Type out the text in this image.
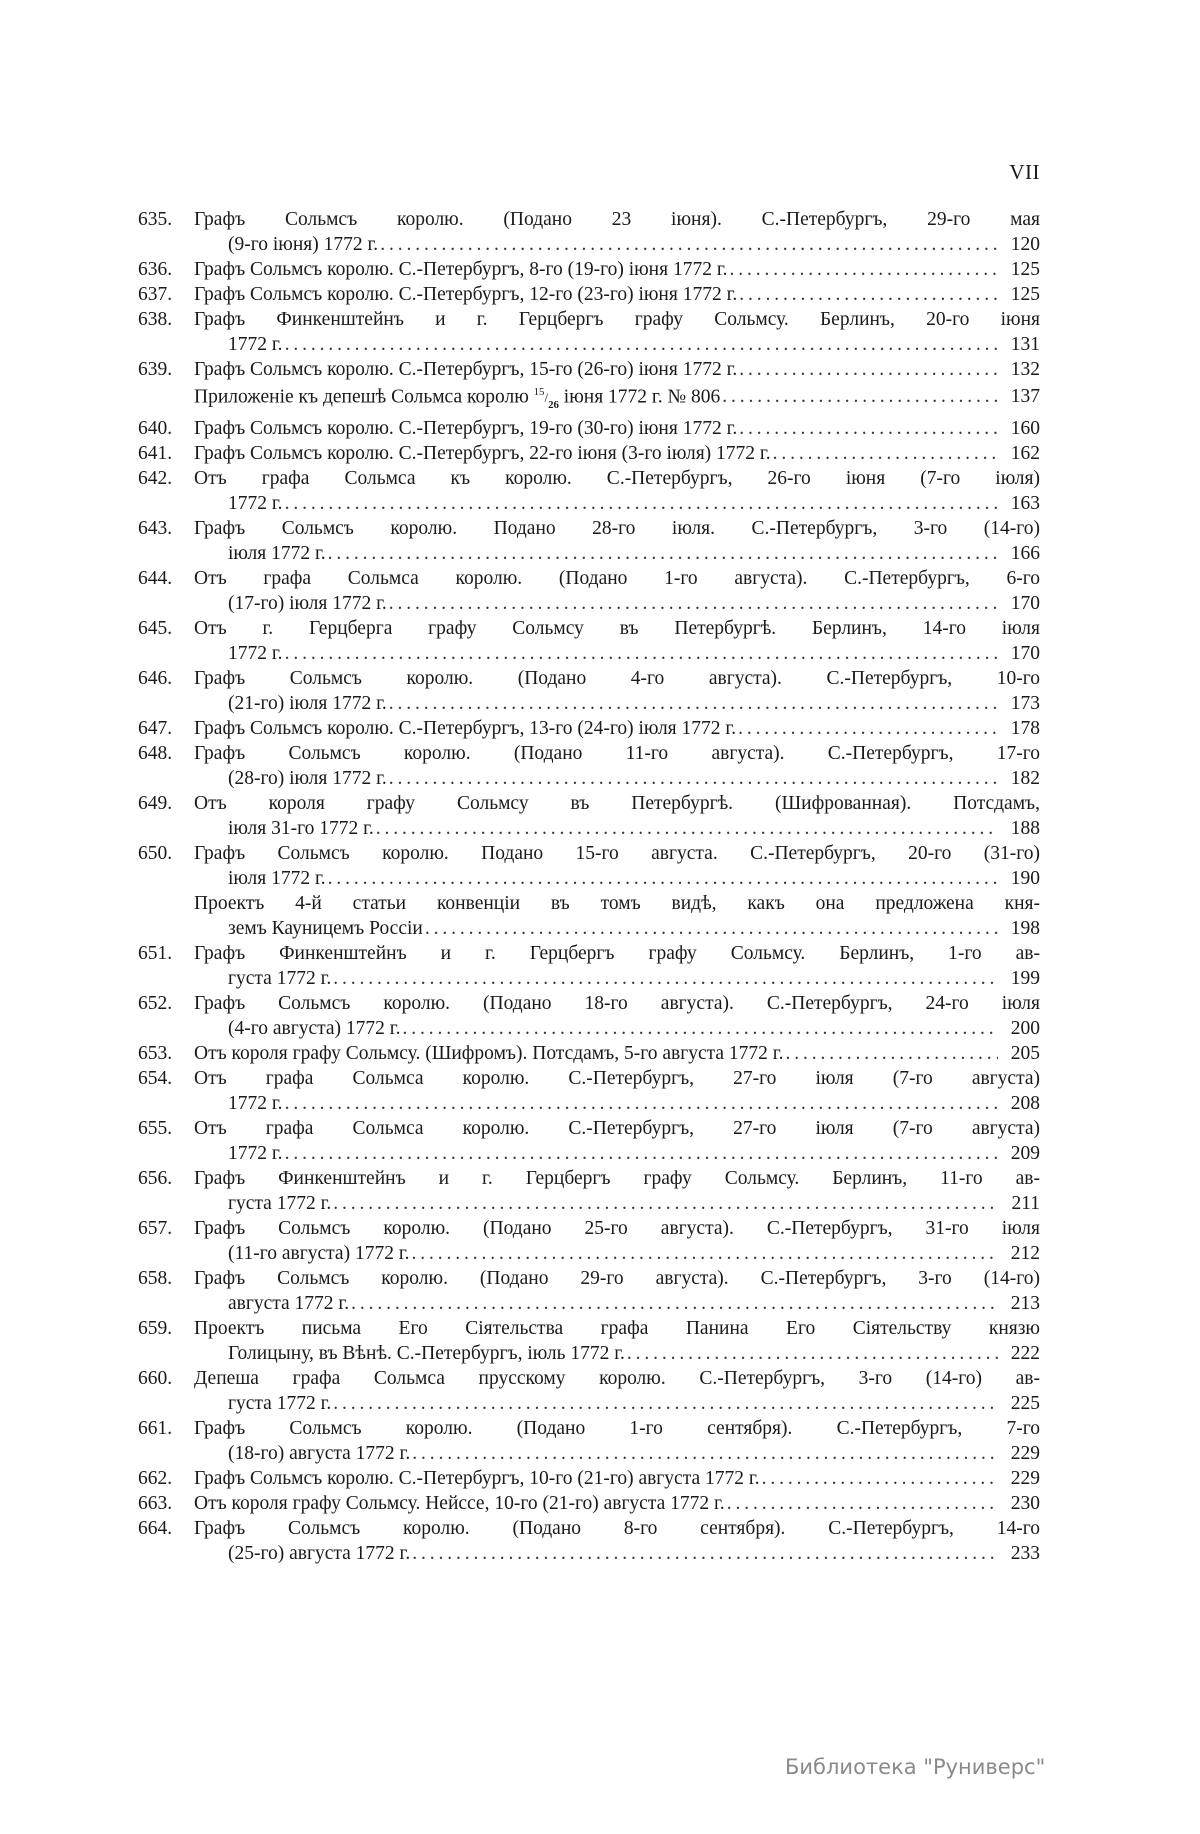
VII
635.	Графъ Сольмсъ королю. (Подано 23 іюня). С.-Петербургъ, 29-го мая
(9-го іюня) 1772 г. . . .	120
636.	Графъ Сольмсъ королю. С.-Петербургъ, 8-го (19-го) іюня 1772 г. . . .	125
637.	Графъ Сольмсъ королю. С.-Петербургъ, 12-го (23-го) іюня 1772 г. . . .	125
638.	Графъ Финкенштейнъ и г. Герцбергъ графу Сольмсу. Берлинъ, 20-го іюня
1772 г. . . .	131
639.	Графъ Сольмсъ королю. С.-Петербургъ, 15-го (26-го) іюня 1772 г. . . .	132
Приложеніе къ депешѣ Сольмса королю $^{15}/_{26}$ іюня 1772 г. № 806 . . .	137
640.	Графъ Сольмсъ королю. С.-Петербургъ, 19-го (30-го) іюня 1772 г. . . .	160
641.	Графъ Сольмсъ королю. С.-Петербургъ, 22-го іюня (3-го іюля) 1772 г. . . .	162
642.	Отъ графа Сольмса къ королю. С.-Петербургъ, 26-го іюня (7-го іюля)
1772 г. . . .	163
643.	Графъ Сольмсъ королю. Подано 28-го іюля. С.-Петербургъ, 3-го (14-го)
іюля 1772 г. . . .	166
644.	Отъ графа Сольмса королю. (Подано 1-го августа). С.-Петербургъ, 6-го
(17-го) іюля 1772 г. . . .	170
645.	Отъ г. Герцберга графу Сольмсу въ Петербургѣ. Берлинъ, 14-го іюля
1772 г. . . .	170
646.	Графъ Сольмсъ королю. (Подано 4-го августа). С.-Петербургъ, 10-го
(21-го) іюля 1772 г. . . .	173
647.	Графъ Сольмсъ королю. С.-Петербургъ, 13-го (24-го) іюля 1772 г. . . .	178
648.	Графъ Сольмсъ королю. (Подано 11-го августа). С.-Петербургъ, 17-го
(28-го) іюля 1772 г. . . .	182
649.	Отъ короля графу Сольмсу въ Петербургѣ. (Шифрованная). Потсдамъ,
іюля 31-го 1772 г. . . .	188
650.	Графъ Сольмсъ королю. Подано 15-го августа. С.-Петербургъ, 20-го (31-го)
іюля 1772 г. . . .	190
Проектъ 4-й статьи конвенціи въ томъ видѣ, какъ она предложена кня-
земъ Кауницемъ Россіи . . .	198
651.	Графъ Финкенштейнъ и г. Герцбергъ графу Сольмсу. Берлинъ, 1-го ав-
густа 1772 г. . . .	199
652.	Графъ Сольмсъ королю. (Подано 18-го августа). С.-Петербургъ, 24-го іюля
(4-го августа) 1772 г. . . .	200
653.	Отъ короля графу Сольмсу. (Шифромъ). Потсдамъ, 5-го августа 1772 г. . . .	205
654.	Отъ графа Сольмса королю. С.-Петербургъ, 27-го іюля (7-го августа)
1772 г. . . .	208
655.	Отъ графа Сольмса королю. С.-Петербургъ, 27-го іюля (7-го августа)
1772 г. . . .	209
656.	Графъ Финкенштейнъ и г. Герцбергъ графу Сольмсу. Берлинъ, 11-го ав-
густа 1772 г. . . .	211
657.	Графъ Сольмсъ королю. (Подано 25-го августа). С.-Петербургъ, 31-го іюля
(11-го августа) 1772 г. . . .	212
658.	Графъ Сольмсъ королю. (Подано 29-го августа). С.-Петербургъ, 3-го (14-го)
августа 1772 г. . . .	213
659.	Проектъ письма Его Сіятельства графа Панина Его Сіятельству князю
Голицыну, въ Вѣнѣ. С.-Петербургъ, іюль 1772 г. . . .	222
660.	Депеша графа Сольмса прусскому королю. С.-Петербургъ, 3-го (14-го) ав-
густа 1772 г. . . .	225
661.	Графъ Сольмсъ королю. (Подано 1-го сентября). С.-Петербургъ, 7-го
(18-го) августа 1772 г. . . .	229
662.	Графъ Сольмсъ королю. С.-Петербургъ, 10-го (21-го) августа 1772 г. . . .	229
663.	Отъ короля графу Сольмсу. Нейссе, 10-го (21-го) августа 1772 г. . . .	230
664.	Графъ Сольмсъ королю. (Подано 8-го сентября). С.-Петербургъ, 14-го
(25-го) августа 1772 г. . . .	233
Библиотека "Руниверс"
